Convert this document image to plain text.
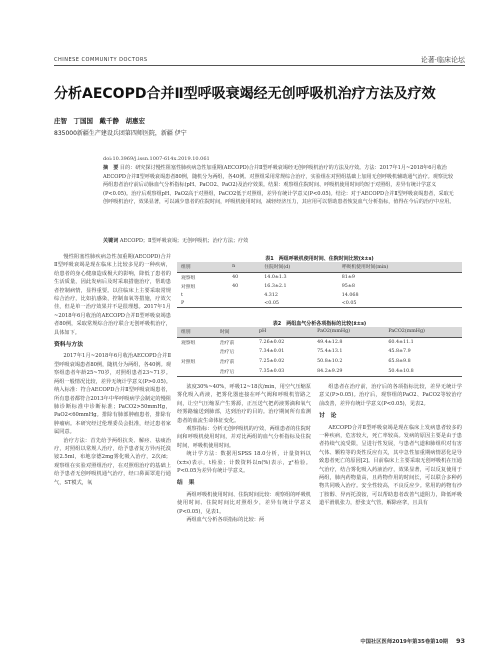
CHINESE COMMUNITY DOCTORS	论著·临床论坛
分析AECOPD合并Ⅱ型呼吸衰竭经无创呼吸机治疗方法及疗效
庄智　丁国国　戴千静　胡惠宏
835000新疆生产建设兵团第四师医院，新疆 伊宁
doi:10.3969/j.issn.1007-614x.2019.10.061
摘　要 目的：研究探讨慢性阻塞性肺疾病急性加重期(AECOPD)合并Ⅱ型呼吸衰竭经无创呼吸机治疗的方法及疗效。方法：2017年1月~2018年6月收治AECOPD合并Ⅱ型呼吸衰竭患者80例，随机分为两组，各40例。对照组采用常规综合治疗，实验组在对照组基础上加用无创呼吸机辅助通气治疗。观察比较两组患者治疗前后动脉血气分析指标(pH、PaCO2、PaO2)及治疗效果。结果：观察组住院时间、呼吸机使用时间均短于对照组，差异有统计学意义(P<0.05)。治疗后观察组pH、PaO2高于对照组，PaCO2低于对照组，差异有统计学意义(P<0.05)。结论：对于AECOPD合并Ⅱ型呼吸衰竭患者，采取无创呼吸机治疗，效果显著，可以减少患者的住院时间，呼吸机使用时间，减轻经济压力，其应用可以帮助患者恢复血气分析指标，值得在今后的治疗中应用。
关键词 AECOPD；Ⅱ型呼吸衰竭；无创呼吸机；治疗方法；疗效

慢性阻塞性肺疾病急性加重期(AECOPD)合并Ⅱ型呼吸衰竭是现在临床上比较多见的一种疾病，给患者的身心健康造成极大的影响，降低了患者的生活质量，因此发病后及时采取措施治疗，帮助患者控制病情，显得重要。以往临床上主要采取常规综合治疗，比如抗感染，控制血氧等措施，疗效欠佳，但是单一治疗效果并不是很理想。2017年1月~2018年6月收治的AECOPD合并Ⅱ型呼吸衰竭患者80例，采取常规综合治疗联合无创呼吸机治疗，具体如下。

资料与方法

2017年1月~2018年6月收治AECOPD合并Ⅱ型呼吸衰竭患者80例，随机分为两组，各40例。观察组患者年龄25~70岁，对照组患者23~71岁。两组一般情况比较，差异无统计学意义(P>0.05)。纳入标准：符合AECOPD合并Ⅱ型呼吸衰竭患者，所有患者都符合2013年中华呼吸病学会制定的慢阻肺诊断标准中诊断标准；PaCO2>50mmHg，PaO2<60mmHg。排除有肺部肿瘤患者，排除有肿瘤病。本研究经过伦理委员会批准，经过患者家属同意。

治疗方法：首先给予两组抗炎、解痉、祛痰治疗，对照组以常规人治疗，给予患者复方异丙托溴铵2.5ml，布地奈德2mg雾化吸入治疗，2次/d；观察组在实验对照组治疗，在对照组治疗的基础上给予患者无创呼吸机通气治疗，经口鼻面罩进行通气，ST模式，氧

表1　两组呼吸机使用时间、住院时间比较(x̄±s)
组别	n	住院时间(d)	呼吸机使用时间(min)
观察组	40	14.0±1.3	81±9
对照组	40	16.3±2.1	95±8
t		4.312	14.068
P		<0.05	<0.05
表2　两组血气分析各项指标的比较(x̄±s)
组别	时间	pH	PaO2(mmHg)	PaCO2(mmHg)
观察组	治疗前	7.26±0.02	49.4±12.8	60.4±11.1
	治疗后	7.34±0.01	75.4±13.1	45.8±7.9
对照组	治疗前	7.25±0.02	50.8±10.2	65.8±9.8
	治疗后	7.35±0.03	84.2±9.29	50.4±10.8

浓度30%~40%，呼吸12~18次/min，用空气压缩泵雾化吸入药液，把雾化器连接在呼气阀和呼吸机管路之间，让空气压缩泵产生雾源，正压送气把药液雾滴和氧气经雾路输送到肺部，达到治疗的目的。治疗期间所有监测患者的血流生命体征变化。

观察指标：分析无创呼吸机的疗效，两组患者的住院时间和呼吸机使用时间，并对比两组的血气分析指标及住院时间，呼吸机使用时间。

统计学方法：数据用SPSS 18.0分析，计量资料以(x±s)表示，t检验；计数资料以n(%)表示，χ²检验。P<0.05为差异有统计学意义。

结　果

两组呼吸机使用时间、住院时间比较：观察组的呼吸机使用时间、住院时间比对照组少，差异有统计学意义(P<0.05)，见表1。

两组血气分析各项指标的比较：两

组患者在治疗前，治疗后的各项指标比较，差异无统计学意义(P>0.05)。治疗后，观察组的PaO2、PaCO2等较治疗前改善，差异有统计学意义(P<0.05)，见表2。

讨　论

AECOPD合并Ⅱ型呼吸衰竭是现在临床上发病患者较多的一种疾病，危害较大，死亡率较高。发病的原因主要是由于患者持续气流受限，呈进行性发展，与患者气道和肺组织对有害气体、颗粒等的炎性反应有关，其中急性加重期病情恶化是导致患者死亡的原因[2]。目前临床上主要采取无创呼吸机在压通气治疗，结合雾化吸入药液治疗，效果显著，可以反复使用于两组，肺内药物量高，且药物作用的时间长，可以联合多种药物共同吸入治疗。安全性较高，不良反应少。常用的药物有沙丁胺醇、异丙托溴铵，可以帮助患者改善气道阻力，降低呼吸道平滑肌张力，舒张支气管，解除痉挛，且具有

中国社区医师2019年第35卷第10期 93
